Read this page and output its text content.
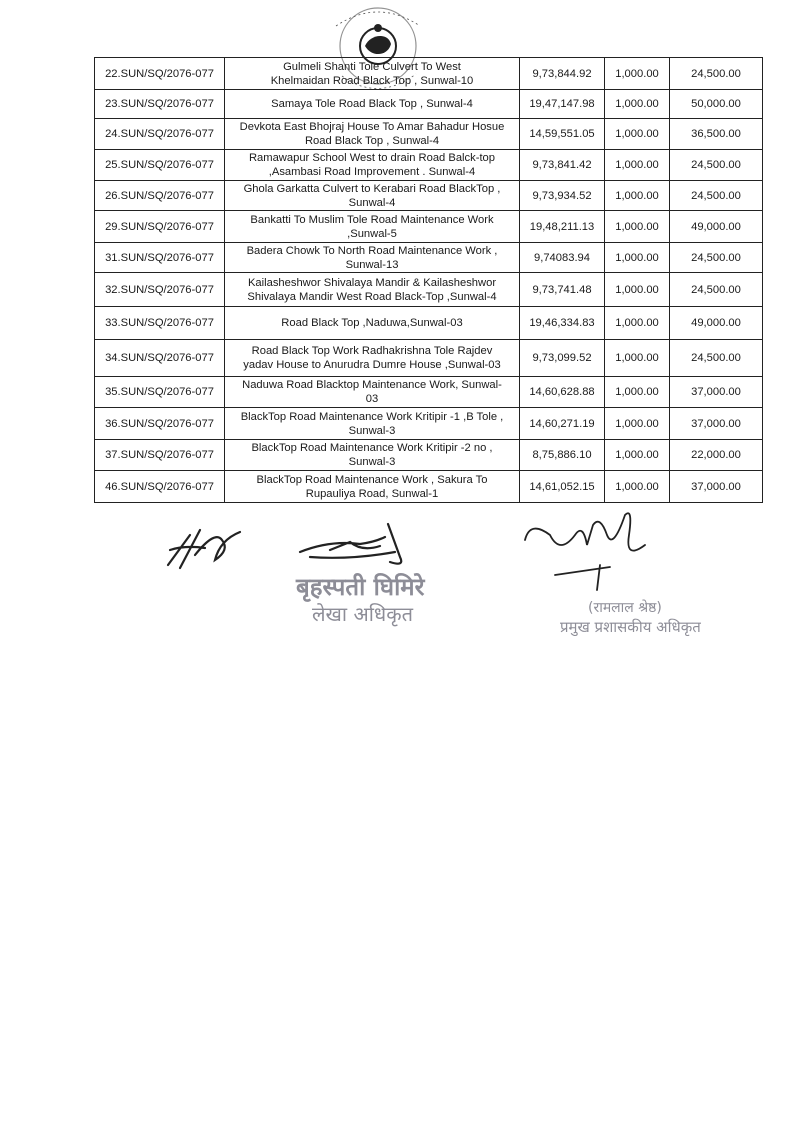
22.SUN/SQ/2076-077	Gulmeli Shanti Tole Culvert To West
Khelmaidan Road Black Top , Sunwal-10	9,73,844.92	1,000.00	24,500.00
23.SUN/SQ/2076-077	Samaya Tole Road Black Top , Sunwal-4	19,47,147.98	1,000.00	50,000.00
24.SUN/SQ/2076-077	Devkota East Bhojraj House To Amar Bahadur Hosue
Road Black Top , Sunwal-4	14,59,551.05	1,000.00	36,500.00
25.SUN/SQ/2076-077	Ramawapur School West to drain Road Balck-top
,Asambasi Road Improvement . Sunwal-4	9,73,841.42	1,000.00	24,500.00
26.SUN/SQ/2076-077	Ghola Garkatta Culvert to Kerabari Road BlackTop ,
Sunwal-4	9,73,934.52	1,000.00	24,500.00
29.SUN/SQ/2076-077	Bankatti To Muslim Tole Road Maintenance Work
,Sunwal-5	19,48,211.13	1,000.00	49,000.00
31.SUN/SQ/2076-077	Badera Chowk To North Road Maintenance Work ,
Sunwal-13	9,74083.94	1,000.00	24,500.00
32.SUN/SQ/2076-077	Kailasheshwor Shivalaya Mandir & Kailasheshwor
Shivalaya Mandir West Road Black-Top ,Sunwal-4	9,73,741.48	1,000.00	24,500.00
33.SUN/SQ/2076-077	Road Black Top ,Naduwa,Sunwal-03	19,46,334.83	1,000.00	49,000.00
34.SUN/SQ/2076-077	Road Black Top Work Radhakrishna Tole Rajdev
yadav House to Anurudra Dumre House ,Sunwal-03	9,73,099.52	1,000.00	24,500.00
35.SUN/SQ/2076-077	Naduwa Road Blacktop Maintenance Work, Sunwal-
03	14,60,628.88	1,000.00	37,000.00
36.SUN/SQ/2076-077	BlackTop Road Maintenance Work Kritipir -1 ,B Tole ,
Sunwal-3	14,60,271.19	1,000.00	37,000.00
37.SUN/SQ/2076-077	BlackTop Road Maintenance Work Kritipir -2 no ,
Sunwal-3	8,75,886.10	1,000.00	22,000.00
46.SUN/SQ/2076-077	BlackTop Road Maintenance Work , Sakura To
Rupauliya Road, Sunwal-1	14,61,052.15	1,000.00	37,000.00
बृहस्पती घिमिरे
लेखा अधिकृत	(रामलाल श्रेष्ठ)
प्रमुख प्रशासकीय अधिकृत
